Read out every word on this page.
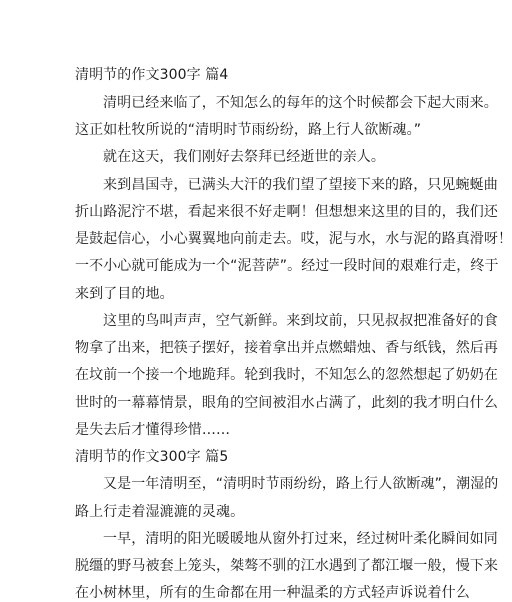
清明节的作文300字 篇4
清明已经来临了，不知怎么的每年的这个时候都会下起大雨来。
这正如杜牧所说的“清明时节雨纷纷，路上行人欲断魂。”
就在这天，我们刚好去祭拜已经逝世的亲人。
来到昌国寺，已满头大汗的我们望了望接下来的路，只见蜿蜒曲
折山路泥泞不堪，看起来很不好走啊！但想想来这里的目的，我们还
是鼓起信心，小心翼翼地向前走去。哎，泥与水，水与泥的路真滑呀！
一不小心就可能成为一个“泥菩萨”。经过一段时间的艰难行走，终于
来到了目的地。
这里的鸟叫声声，空气新鲜。来到坟前，只见叔叔把准备好的食
物拿了出来，把筷子摆好，接着拿出并点燃蜡烛、香与纸钱，然后再
在坟前一个接一个地跪拜。轮到我时，不知怎么的忽然想起了奶奶在
世时的一幕幕情景，眼角的空间被泪水占满了，此刻的我才明白什么
是失去后才懂得珍惜……
清明节的作文300字 篇5
又是一年清明至，“清明时节雨纷纷，路上行人欲断魂”，潮湿的
路上行走着湿漉漉的灵魂。
一早，清明的阳光暖暖地从窗外打过来，经过树叶柔化瞬间如同
脱缰的野马被套上笼头，桀骜不驯的江水遇到了都江堰一般，慢下来
在小树林里，所有的生命都在用一种温柔的方式轻声诉说着什么
